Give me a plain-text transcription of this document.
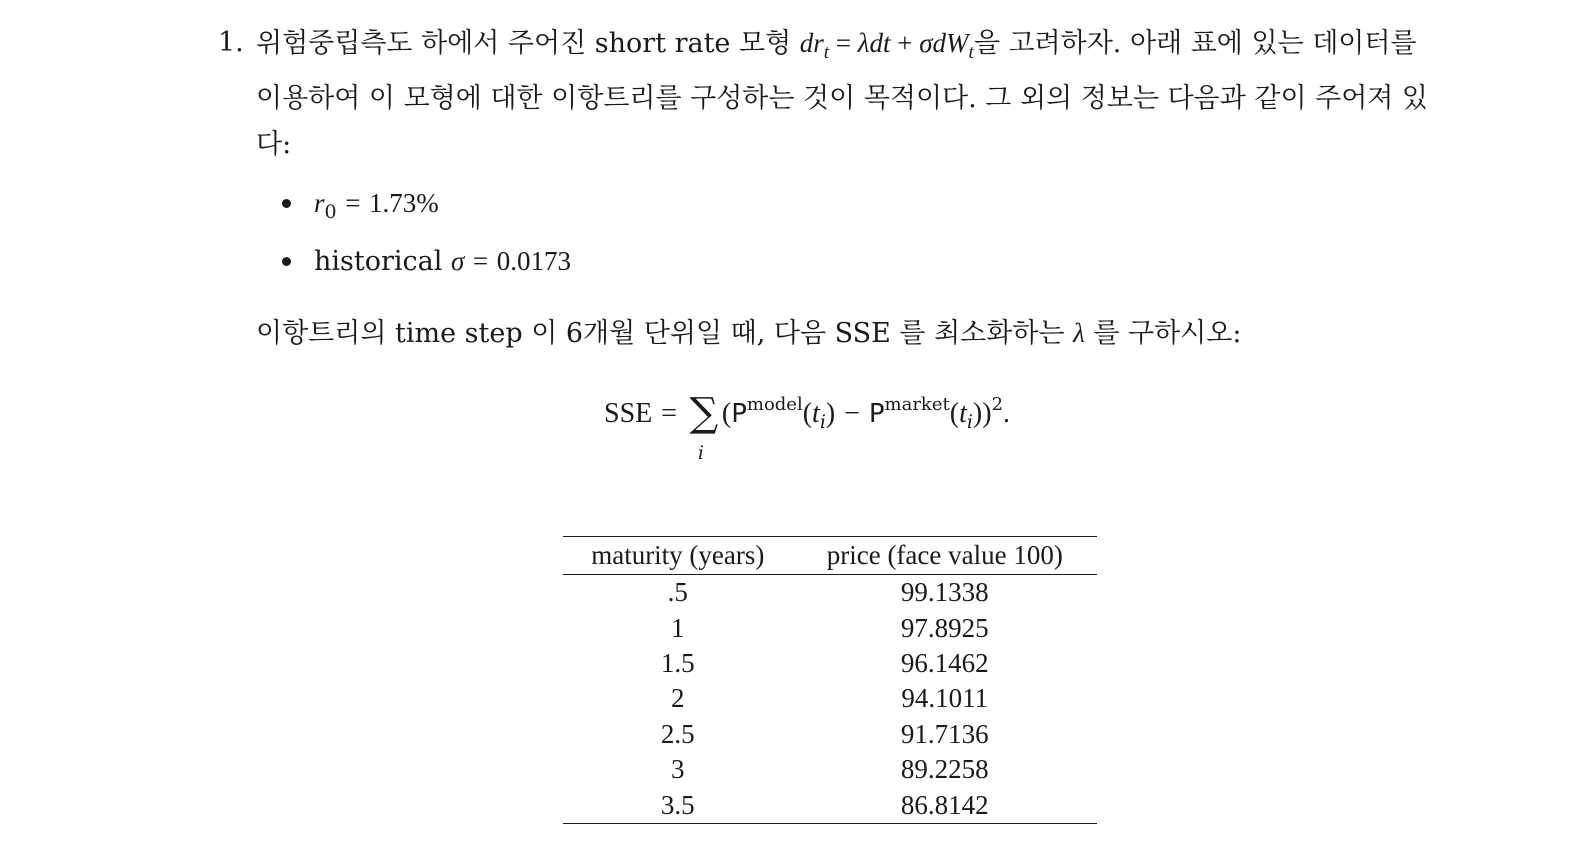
1. 위험중립측도 하에서 주어진 short rate 모형 $dr_t = \lambda dt + \sigma dW_t$을 고려하자. 아래 표에 있는 데이터를 이용하여 이 모형에 대한 이항트리를 구성하는 것이 목적이다. 그 외의 정보는 다음과 같이 주어져 있다:
$r_0 = 1.73\%$
historical σ = 0.0173
이항트리의 time step 이 6개월 단위일 때, 다음 SSE 를 최소화하는 λ 를 구하시오:
SSE = ∑
i
$(P^{model}(t_i) - P^{market}(t_i))^2$.
maturity (years)	price (face value 100)
.5	99.1338
1	97.8925
1.5	96.1462
2	94.1011
2.5	91.7136
3	89.2258
3.5	86.8142
